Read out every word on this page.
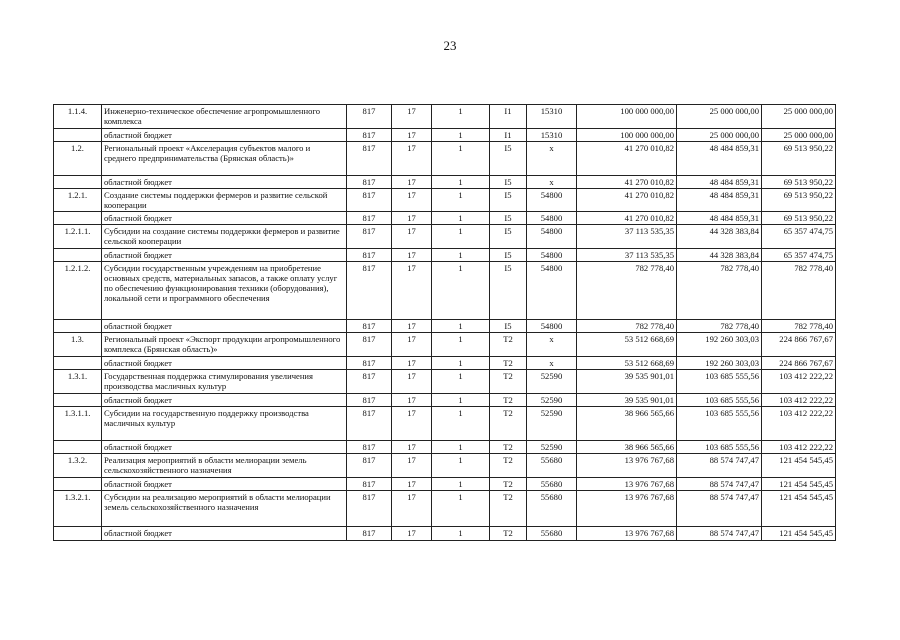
23
1.1.4.	Инженерно-техническое обеспечение агропромышленного комплекса	817	17	1	I1	15310	100 000 000,00	25 000 000,00	25 000 000,00
	областной бюджет	817	17	1	I1	15310	100 000 000,00	25 000 000,00	25 000 000,00
1.2.	Региональный проект «Акселерация субъектов малого и среднего предпринимательства (Брянская область)»	817	17	1	I5	x	41 270 010,82	48 484 859,31	69 513 950,22
	областной бюджет	817	17	1	I5	x	41 270 010,82	48 484 859,31	69 513 950,22
1.2.1.	Создание системы поддержки фермеров и развитие сельской кооперации	817	17	1	I5	54800	41 270 010,82	48 484 859,31	69 513 950,22
	областной бюджет	817	17	1	I5	54800	41 270 010,82	48 484 859,31	69 513 950,22
1.2.1.1.	Субсидии на создание системы поддержки фермеров и развитие сельской кооперации	817	17	1	I5	54800	37 113 535,35	44 328 383,84	65 357 474,75
	областной бюджет	817	17	1	I5	54800	37 113 535,35	44 328 383,84	65 357 474,75
1.2.1.2.	Субсидии государственным учреждениям на приобретение основных средств, материальных запасов, а также оплату услуг по обеспечению функционирования техники (оборудования), локальной сети и программного обеспечения	817	17	1	I5	54800	782 778,40	782 778,40	782 778,40
	областной бюджет	817	17	1	I5	54800	782 778,40	782 778,40	782 778,40
1.3.	Региональный проект «Экспорт продукции агропромышленного комплекса (Брянская область)»	817	17	1	T2	x	53 512 668,69	192 260 303,03	224 866 767,67
	областной бюджет	817	17	1	T2	x	53 512 668,69	192 260 303,03	224 866 767,67
1.3.1.	Государственная поддержка стимулирования увеличения производства масличных культур	817	17	1	T2	52590	39 535 901,01	103 685 555,56	103 412 222,22
	областной бюджет	817	17	1	T2	52590	39 535 901,01	103 685 555,56	103 412 222,22
1.3.1.1.	Субсидии на государственную поддержку производства масличных культур	817	17	1	T2	52590	38 966 565,66	103 685 555,56	103 412 222,22
	областной бюджет	817	17	1	T2	52590	38 966 565,66	103 685 555,56	103 412 222,22
1.3.2.	Реализация мероприятий в области мелиорации земель сельскохозяйственного назначения	817	17	1	T2	55680	13 976 767,68	88 574 747,47	121 454 545,45
	областной бюджет	817	17	1	T2	55680	13 976 767,68	88 574 747,47	121 454 545,45
1.3.2.1.	Субсидии на реализацию мероприятий в области мелиорации земель сельскохозяйственного назначения	817	17	1	T2	55680	13 976 767,68	88 574 747,47	121 454 545,45
	областной бюджет	817	17	1	T2	55680	13 976 767,68	88 574 747,47	121 454 545,45
